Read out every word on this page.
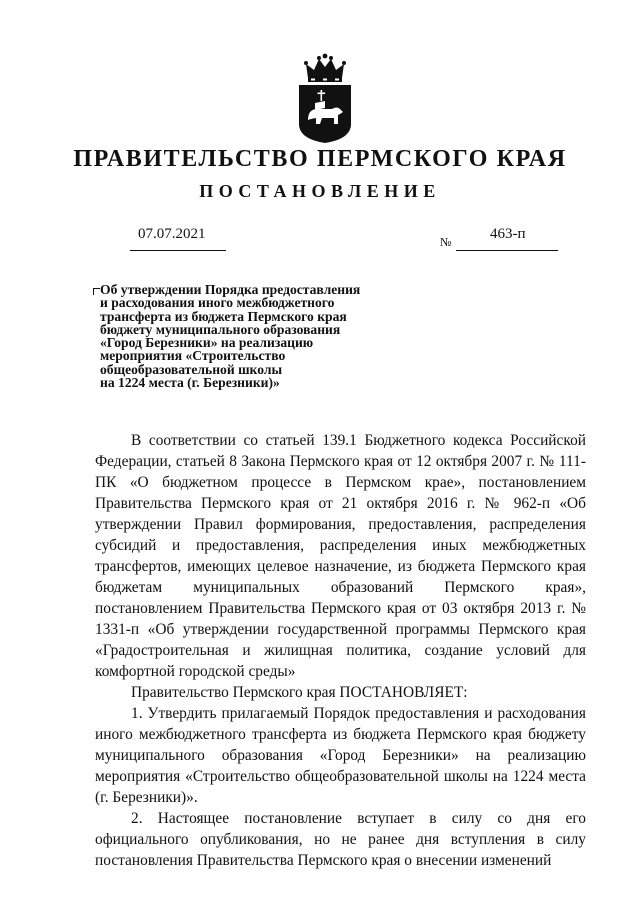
ПРАВИТЕЛЬСТВО ПЕРМСКОГО КРАЯ
ПОСТАНОВЛЕНИЕ
07.07.2021	№	463-п
Об утверждении Порядка предоставления
и расходования иного межбюджетного
трансферта из бюджета Пермского края
бюджету муниципального образования
«Город Березники» на реализацию
мероприятия «Строительство
общеобразовательной школы
на 1224 места (г. Березники)»
В соответствии со статьей 139.1 Бюджетного кодекса Российской Федерации, статьей 8 Закона Пермского края от 12 октября 2007 г. № 111-ПК «О бюджетном процессе в Пермском крае», постановлением Правительства Пермского края от 21 октября 2016 г. № 962-п «Об утверждении Правил формирования, предоставления, распределения субсидий и предоставления, распределения иных межбюджетных трансфертов, имеющих целевое назначение, из бюджета Пермского края бюджетам муниципальных образований Пермского края», постановлением Правительства Пермского края от 03 октября 2013 г. № 1331-п «Об утверждении государственной программы Пермского края «Градостроительная и жилищная политика, создание условий для комфортной городской среды»
Правительство Пермского края ПОСТАНОВЛЯЕТ:
1. Утвердить прилагаемый Порядок предоставления и расходования иного межбюджетного трансферта из бюджета Пермского края бюджету муниципального образования «Город Березники» на реализацию мероприятия «Строительство общеобразовательной школы на 1224 места (г. Березники)».
2. Настоящее постановление вступает в силу со дня его официального опубликования, но не ранее дня вступления в силу постановления Правительства Пермского края о внесении изменений
